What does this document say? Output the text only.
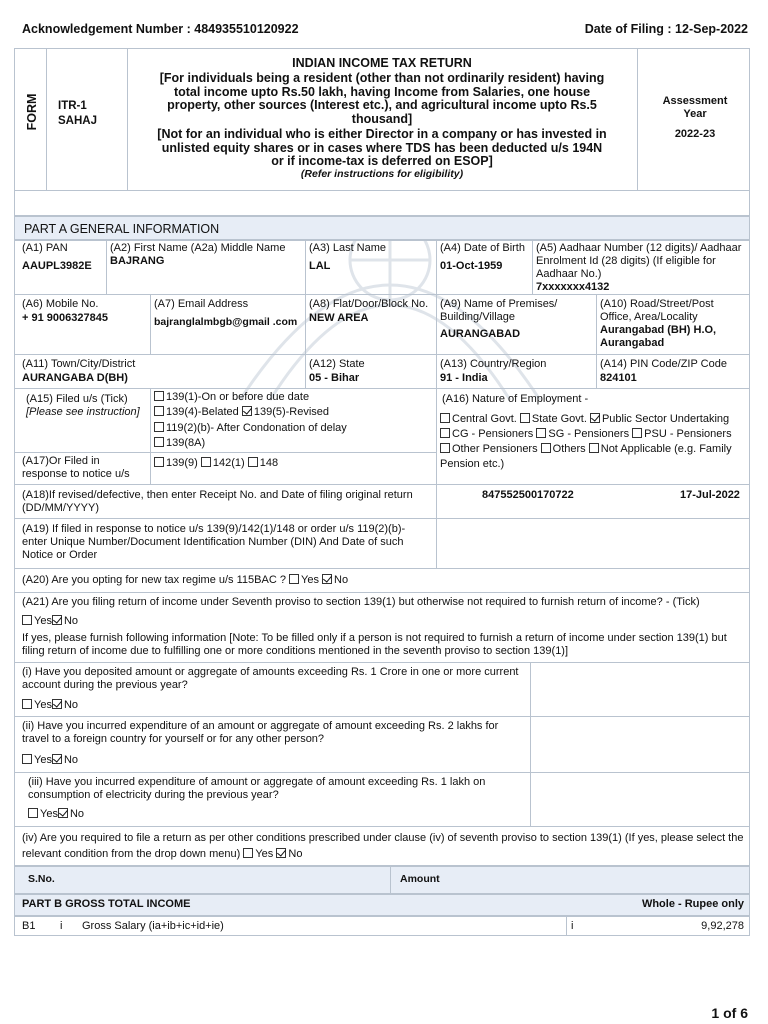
Acknowledgement Number : 484935510120922	Date of Filing : 12-Sep-2022
FORM ITR-1
SAHAJ
INDIAN INCOME TAX RETURN
[For individuals being a resident (other than not ordinarily resident) having total income upto Rs.50 lakh, having Income from Salaries, one house property, other sources (Interest etc.), and agricultural income upto Rs.5 thousand]
[Not for an individual who is either Director in a company or has invested in unlisted equity shares or in cases where TDS has been deducted u/s 194N or if income-tax is deferred on ESOP]
(Refer instructions for eligibility)
Assessment Year
2022-23
PART A GENERAL INFORMATION
(A1) PAN
AAUPL3982E
(A2) First Name (A2a) Middle Name
BAJRANG
(A3) Last Name
LAL
(A4) Date of Birth
01-Oct-1959
(A5) Aadhaar Number (12 digits)/ Aadhaar Enrolment Id (28 digits) (If eligible for Aadhaar No.)
7xxxxxxx4132
(A6) Mobile No.
+ 91 9006327845
(A7) Email Address
bajranglalmbgb@gmail .com
(A8) Flat/Door/Block No.
NEW AREA
(A9) Name of Premises/ Building/Village
AURANGABAD
(A10) Road/Street/Post Office, Area/Locality
Aurangabad (BH) H.O, Aurangabad
(A11) Town/City/District
AURANGABA D(BH)
(A12) State
05 - Bihar
(A13) Country/Region
91 - India
(A14) PIN Code/ZIP Code
824101
(A15) Filed u/s (Tick)
[Please see instruction]
139(1)-On or before due date
139(4)-Belated 139(5)-Revised
119(2)(b)- After Condonation of delay
139(8A)
(A17)Or Filed in response to notice u/s
139(9) 142(1) 148
(A16) Nature of Employment -
Central Govt. State Govt. Public Sector UndertakingCG - Pensioners SG - Pensioners PSU - Pensioners Other Pensioners Others Not Applicable (e.g. Family Pension etc.)
(A18)If revised/defective, then enter Receipt No. and Date of filing original return (DD/MM/YYYY)
847552500170722	17-Jul-2022
(A19) If filed in response to notice u/s 139(9)/142(1)/148 or order u/s 119(2)(b)- enter Unique Number/Document Identification Number (DIN) And Date of such Notice or Order
(A20) Are you opting for new tax regime u/s 115BAC ? Yes No
(A21) Are you filing return of income under Seventh proviso to section 139(1) but otherwise not required to furnish return of income? - (Tick)
Yes No
If yes, please furnish following information [Note: To be filled only if a person is not required to furnish a return of income under section 139(1) but filing return of income due to fulfilling one or more conditions mentioned in the seventh proviso to section 139(1)]
(i) Have you deposited amount or aggregate of amounts exceeding Rs. 1 Crore in one or more current account during the previous year?
Yes No
(ii) Have you incurred expenditure of an amount or aggregate of amount exceeding Rs. 2 lakhs for travel to a foreign country for yourself or for any other person?
Yes No
(iii) Have you incurred expenditure of amount or aggregate of amount exceeding Rs. 1 lakh on consumption of electricity during the previous year?
Yes No
(iv) Are you required to file a return as per other conditions prescribed under clause (iv) of seventh proviso to section 139(1) (If yes, please select the relevant condition from the drop down menu) Yes No
S.No.	Amount
PART B GROSS TOTAL INCOME	Whole - Rupee only
B1 i Gross Salary (ia+ib+ic+id+ie)	i	9,92,278
1 of 6
